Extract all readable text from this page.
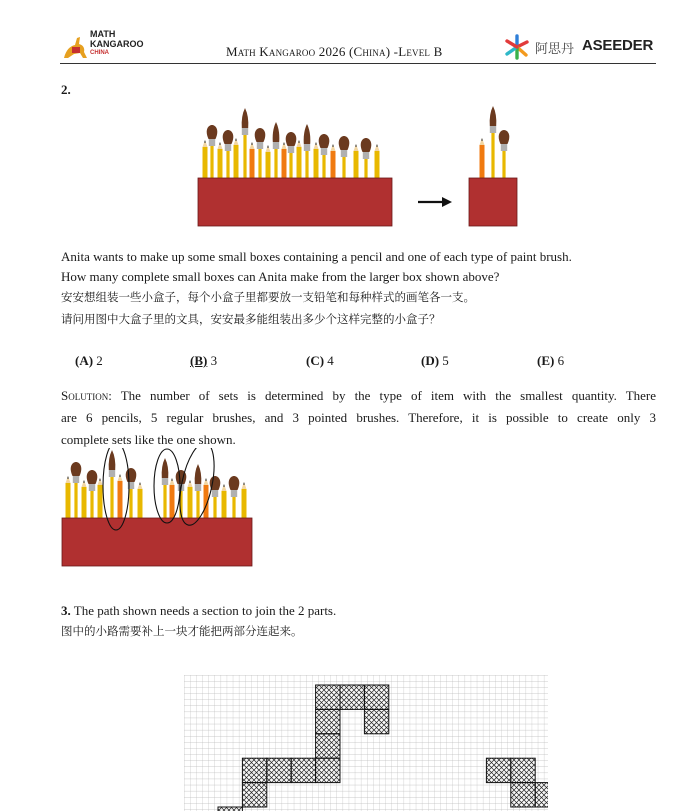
MATH
KANGAROO
CHINA	Math Kangaroo 2026 (China) -Level B	阿思丹 ASEEDER
2.
Anita wants to make up some small boxes containing a pencil and one of each type of paint brush.
How many complete small boxes can Anita make from the larger box shown above?
安安想组装一些小盒子，每个小盒子里都要放一支铅笔和每种样式的画笔各一支。
请问用图中大盒子里的文具，安安最多能组装出多少个这样完整的小盒子？
(A) 2	(B) 3	(C) 4	(D) 5	(E) 6
Solution: The number of sets is determined by the type of item with the smallest quantity. There
are 6 pencils, 5 regular brushes, and 3 pointed brushes. Therefore, it is possible to create only 3
complete sets like the one shown.
3. The path shown needs a section to join the 2 parts.
图中的小路需要补上一块才能把两部分连起来。
